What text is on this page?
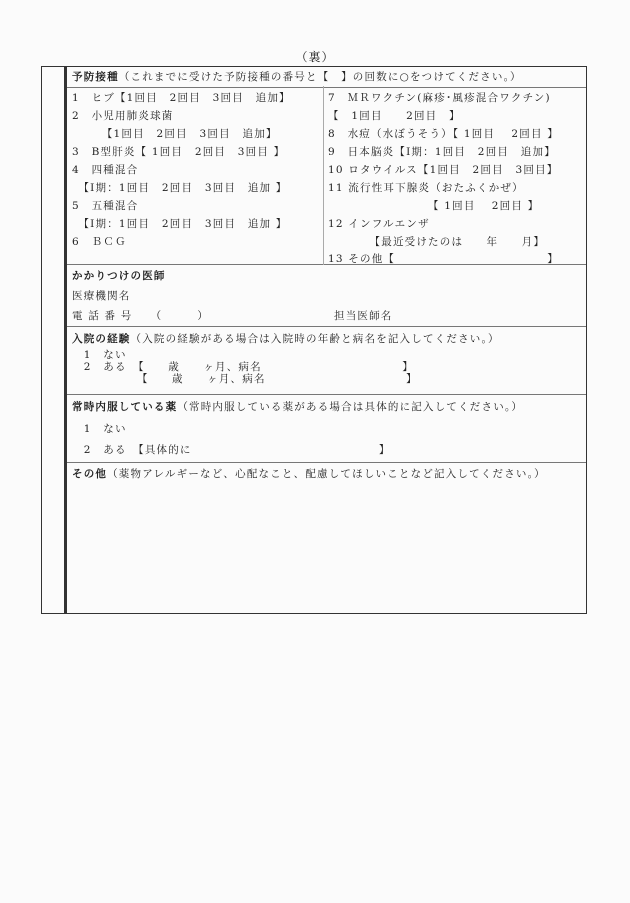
（裏）
予防接種（これまでに受けた予防接種の番号と【　】の回数に○をつけてください。）
1　ヒブ【1回目　2回目　3回目　追加】
2　小児用肺炎球菌
　　　【1回目　2回目　3回目　追加】
3　B型肝炎【 1回目　2回目　3回目 】
4　四種混合
　【Ⅰ期：1回目　2回目　3回目　追加 】
5　五種混合
　【Ⅰ期：1回目　2回目　3回目　追加 】
6　ＢＣＧ
7　ＭＲワクチン(麻疹･風疹混合ワクチン)
【　1回目　　2回目　】
8　水痘（水ぼうそう）【 1回目　 2回目 】
9　日本脳炎【Ⅰ期：1回目　2回目　追加】
10 ロタウイルス【1回目　2回目　3回目】
11 流行性耳下腺炎（おたふくかぜ）
　　　　　　　　　【 1回目　 2回目 】
12 インフルエンザ
　　　　【最近受けたのは　　年　　月】
13 その他【　　　　　　　　　　　　　】
かかりつけの医師
医療機関名
電 話 番 号　　（　　　）	担当医師名
入院の経験（入院の経験がある場合は入院時の年齢と病名を記入してください。）
　1　ない
　2　ある　【　　歳　　ヶ月、病名　　　　　　　　　　　　】
　　　　　　【　　歳　　ヶ月、病名　　　　　　　　　　　　】
常時内服している薬（常時内服している薬がある場合は具体的に記入してください。）
　1　ない
　2　ある　【具体的に　　　　　　　　　　　　　　　　】
その他（薬物アレルギーなど、心配なこと、配慮してほしいことなど記入してください。）
